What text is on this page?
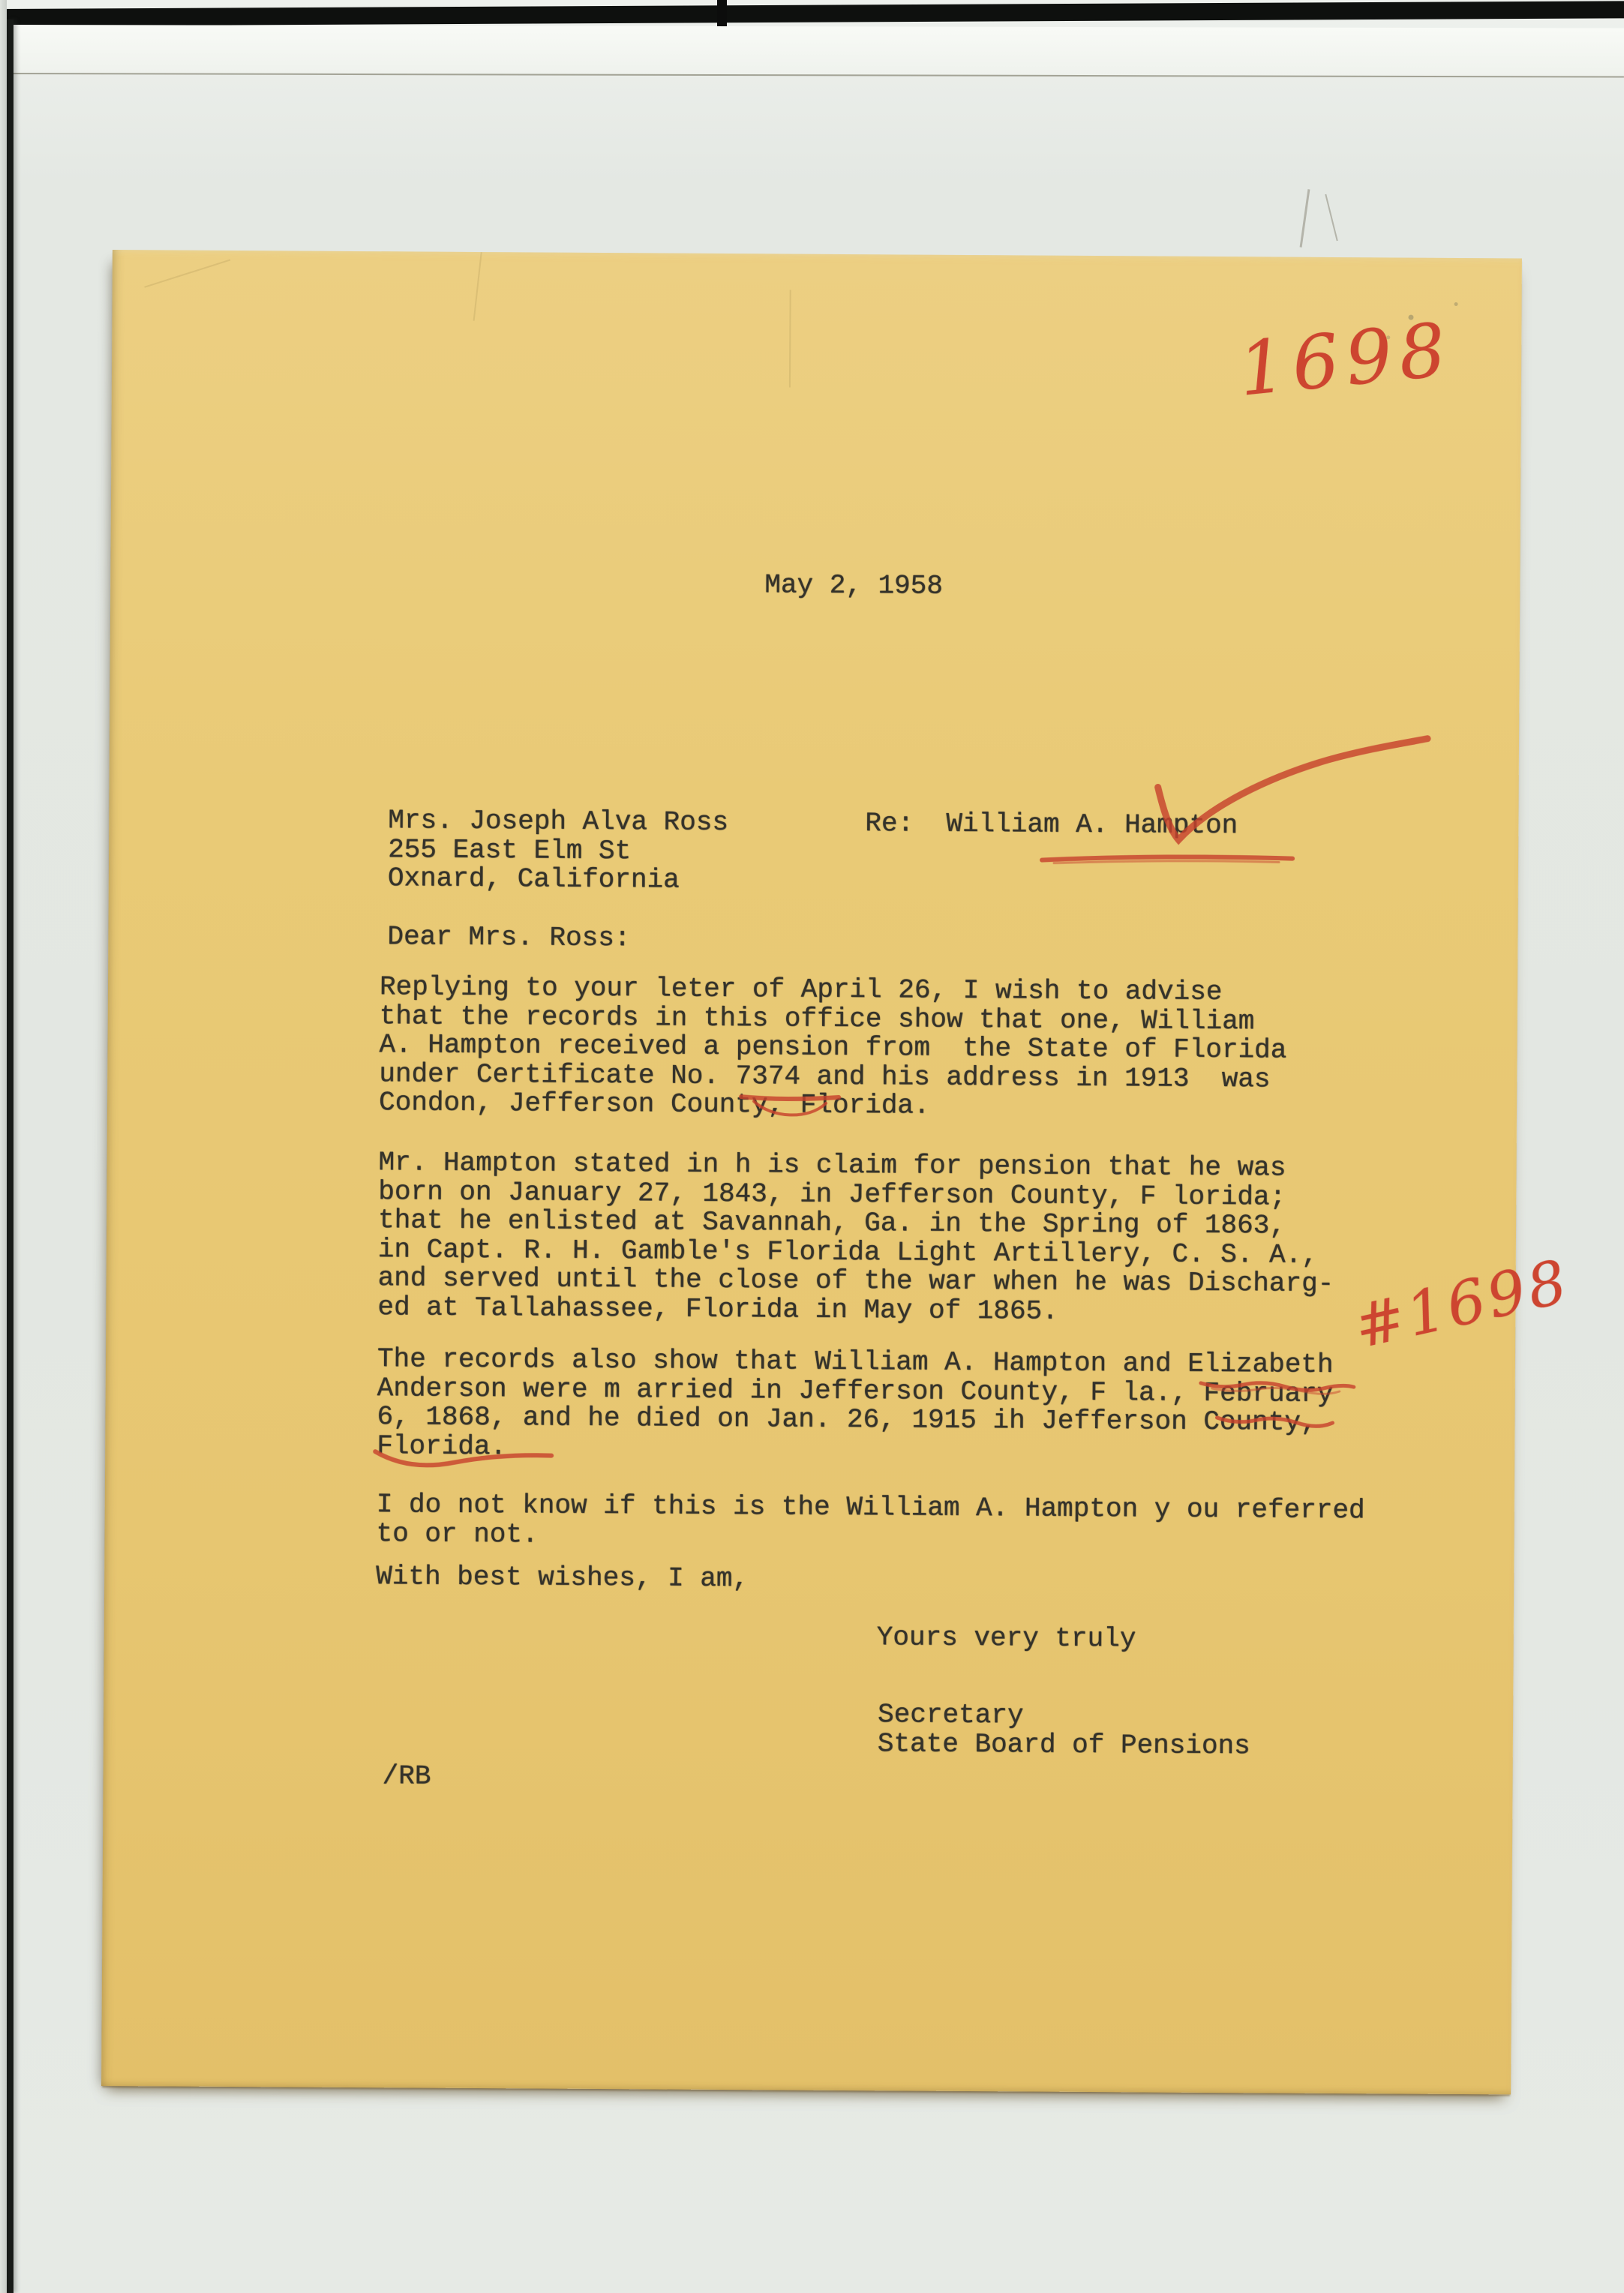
May 2, 1958
Mrs. Joseph Alva Ross
255 East Elm St
Oxnard, California
Re:  William A. Hampton
Dear Mrs. Ross:
Replying to your leter of April 26, I wish to advise
that the records in this office show that one, William
A. Hampton received a pension from  the State of Florida
under Certificate No. 7374 and his address in 1913  was
Condon, Jefferson County, Florida.
Mr. Hampton stated in h is claim for pension that he was
born on January 27, 1843, in Jefferson County, F lorida;
that he enlisted at Savannah, Ga. in the Spring of 1863,
in Capt. R. H. Gamble's Florida Light Artillery, C. S. A.,
and served until the close of the war when he was Discharg-
ed at Tallahassee, Florida in May of 1865.
The records also show that William A. Hampton and Elizabeth
Anderson were m arried in Jefferson County, F la., February
6, 1868, and he died on Jan. 26, 1915 ih Jefferson County,
Florida.
I do not know if this is the William A. Hampton y ou referred
to or not.
With best wishes, I am,
Yours very truly
Secretary
State Board of Pensions
/RB
1698
#1698
